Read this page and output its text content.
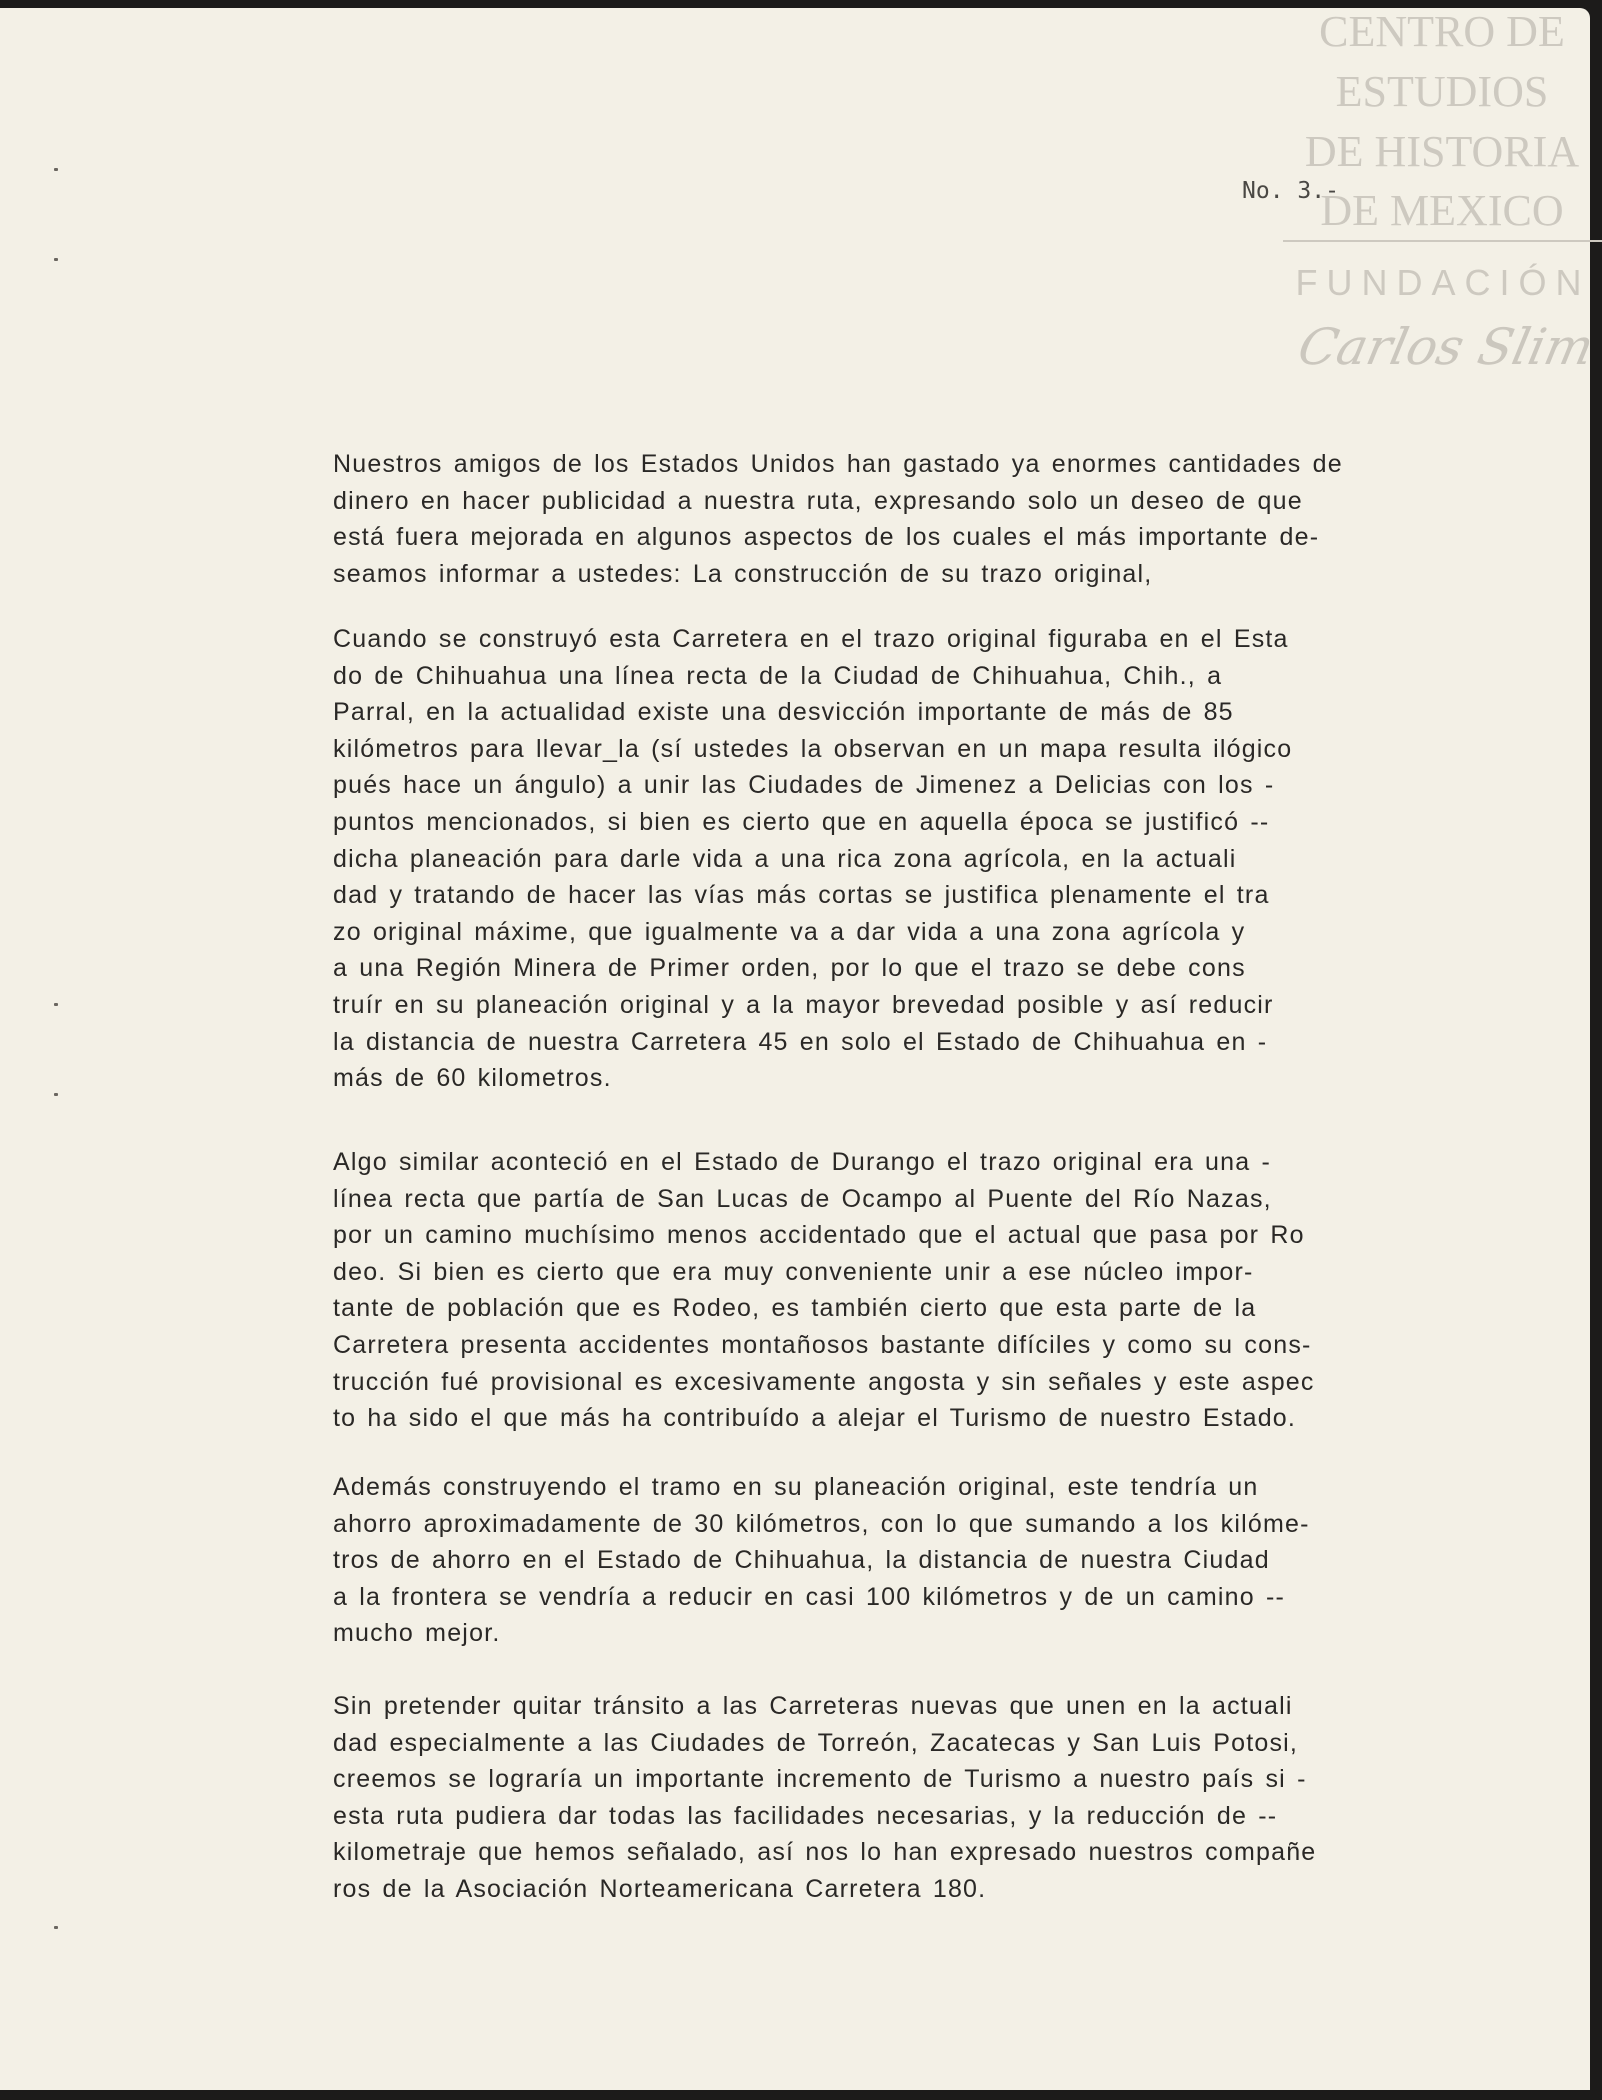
No. 3.-
Nuestros amigos de los Estados Unidos han gastado ya enormes cantidades de
dinero en hacer publicidad a nuestra ruta, expresando solo un deseo de que
está fuera mejorada en algunos aspectos de los cuales el más importante de-
seamos informar a ustedes: La construcción de su trazo original,
Cuando se construyó esta Carretera en el trazo original figuraba en el Esta
do de Chihuahua una línea recta de la Ciudad de Chihuahua, Chih., a
Parral, en la actualidad existe una desvicción importante de más de 85
kilómetros para llevar_la (sí ustedes la observan en un mapa resulta ilógico
pués hace un ángulo) a unir las Ciudades de Jimenez a Delicias con los -
puntos mencionados, si bien es cierto que en aquella época se justificó --
dicha planeación para darle vida a una rica zona agrícola, en la actuali
dad y tratando de hacer las vías más cortas se justifica plenamente el tra
zo original máxime, que igualmente va a dar vida a una zona agrícola y
a una Región Minera de Primer orden, por lo que el trazo se debe cons
truír en su planeación original y a la mayor brevedad posible y así reducir
la distancia de nuestra Carretera 45 en solo el Estado de Chihuahua en -
más de 60 kilometros.
Algo similar aconteció en el Estado de Durango el trazo original era una -
línea recta que partía de San Lucas de Ocampo al Puente del Río Nazas,
por un camino muchísimo menos accidentado que el actual que pasa por Ro
deo. Si bien es cierto que era muy conveniente unir a ese núcleo impor-
tante de población que es Rodeo, es también cierto que esta parte de la
Carretera presenta accidentes montañosos bastante difíciles y como su cons-
trucción fué provisional es excesivamente angosta y sin señales y este aspec
to ha sido el que más ha contribuído a alejar el Turismo de nuestro Estado.
Además construyendo el tramo en su planeación original, este tendría un
ahorro aproximadamente de 30 kilómetros, con lo que sumando a los kilóme-
tros de ahorro en el Estado de Chihuahua, la distancia de nuestra Ciudad
a la frontera se vendría a reducir en casi 100 kilómetros y de un camino --
mucho mejor.
Sin pretender quitar tránsito a las Carreteras nuevas que unen en la actuali
dad especialmente a las Ciudades de Torreón, Zacatecas y San Luis Potosi,
creemos se lograría un importante incremento de Turismo a nuestro país si -
esta ruta pudiera dar todas las facilidades necesarias, y la reducción de --
kilometraje que hemos señalado, así nos lo han expresado nuestros compañe
ros de la Asociación Norteamericana Carretera 180.
CENTRO DE
ESTUDIOS
DE HISTORIA
DE MEXICO
FUNDACIÓN
Carlos Slim
